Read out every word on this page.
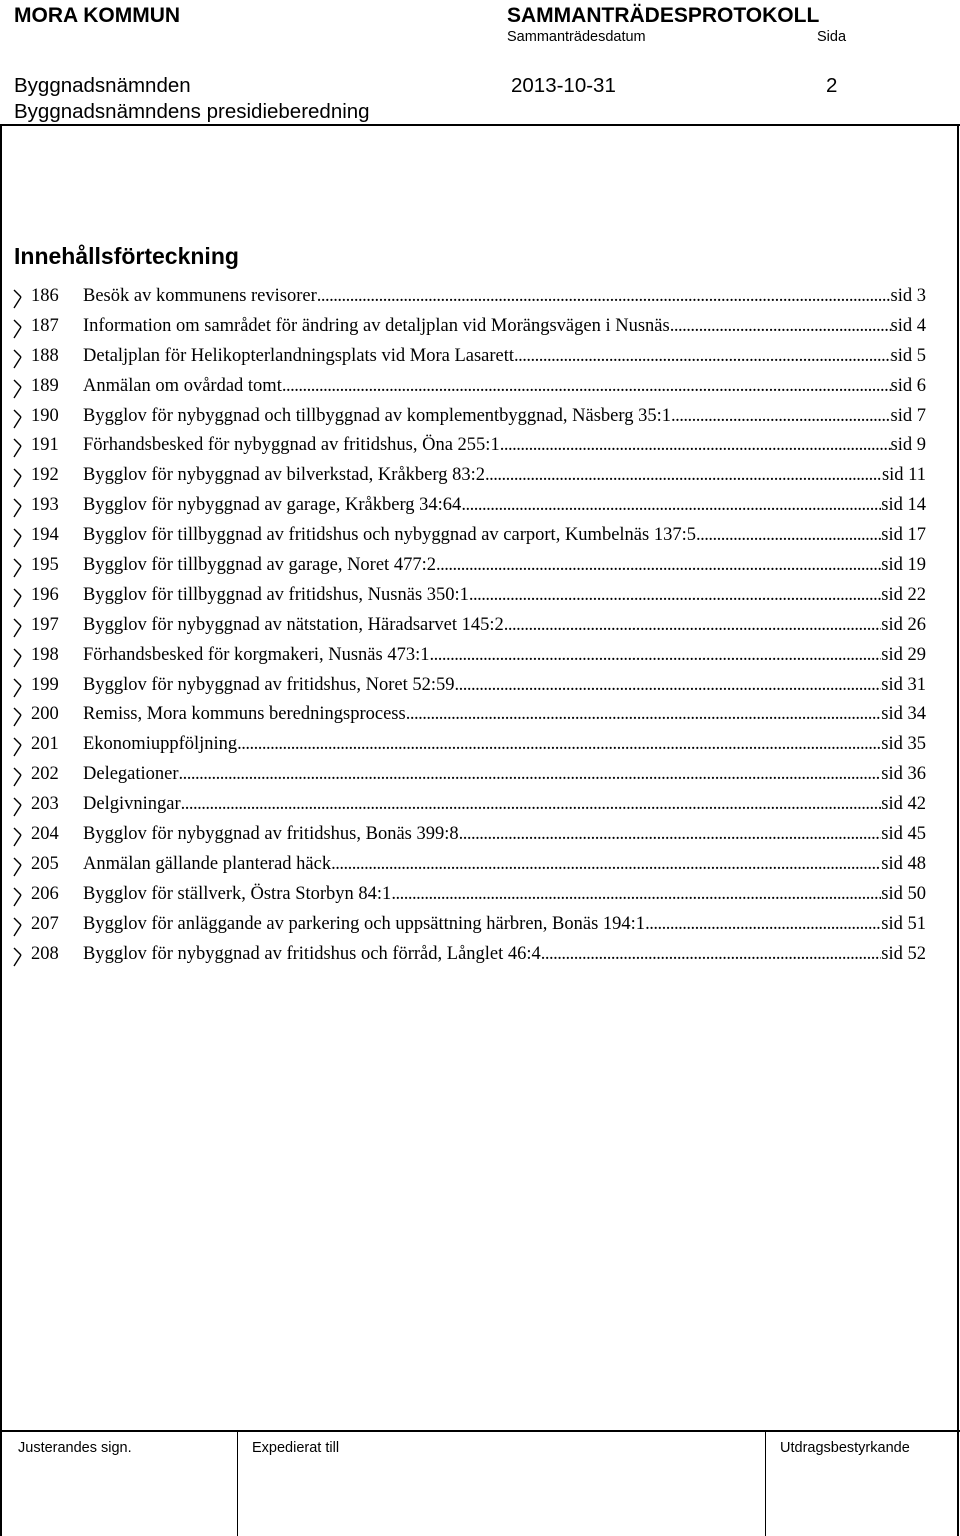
MORA KOMMUN	SAMMANTRÄDESPROTOKOLL
Sammanträdesdatum	Sida
Byggnadsnämnden	2013-10-31	2
Byggnadsnämndens presidieberedning
Innehållsförteckning
186 Besök av kommunens revisorer .....	sid 3
187 Information om samrådet för ändring av detaljplan vid Morängsvägen i Nusnäs .....	sid 4
188 Detaljplan för Helikopterlandningsplats vid Mora Lasarett .....	sid 5
189 Anmälan om ovårdad tomt .....	sid 6
190 Bygglov för nybyggnad och tillbyggnad av komplementbyggnad, Näsberg 35:1 .....	sid 7
191 Förhandsbesked för nybyggnad av fritidshus, Öna 255:1 .....	sid 9
192 Bygglov för nybyggnad av bilverkstad, Kråkberg 83:2 .....	sid 11
193 Bygglov för nybyggnad av garage, Kråkberg 34:64 .....	sid 14
194 Bygglov för tillbyggnad av fritidshus och nybyggnad av carport, Kumbelnäs 137:5 .....	sid 17
195 Bygglov för tillbyggnad av garage, Noret 477:2 .....	sid 19
196 Bygglov för tillbyggnad av fritidshus, Nusnäs 350:1 .....	sid 22
197 Bygglov för nybyggnad av nätstation, Häradsarvet 145:2 .....	sid 26
198 Förhandsbesked för korgmakeri, Nusnäs 473:1 .....	sid 29
199 Bygglov för nybyggnad av fritidshus, Noret 52:59 .....	sid 31
200 Remiss, Mora kommuns beredningsprocess .....	sid 34
201 Ekonomiuppföljning .....	sid 35
202 Delegationer .....	sid 36
203 Delgivningar .....	sid 42
204 Bygglov för nybyggnad av fritidshus, Bonäs 399:8 .....	sid 45
205 Anmälan gällande planterad häck .....	sid 48
206 Bygglov för ställverk, Östra Storbyn 84:1 .....	sid 50
207 Bygglov för anläggande av parkering och uppsättning härbren, Bonäs 194:1 .....	sid 51
208 Bygglov för nybyggnad av fritidshus och förråd, Långlet 46:4 .....	sid 52
Justerandes sign.	Expedierat till	Utdragsbestyrkande
